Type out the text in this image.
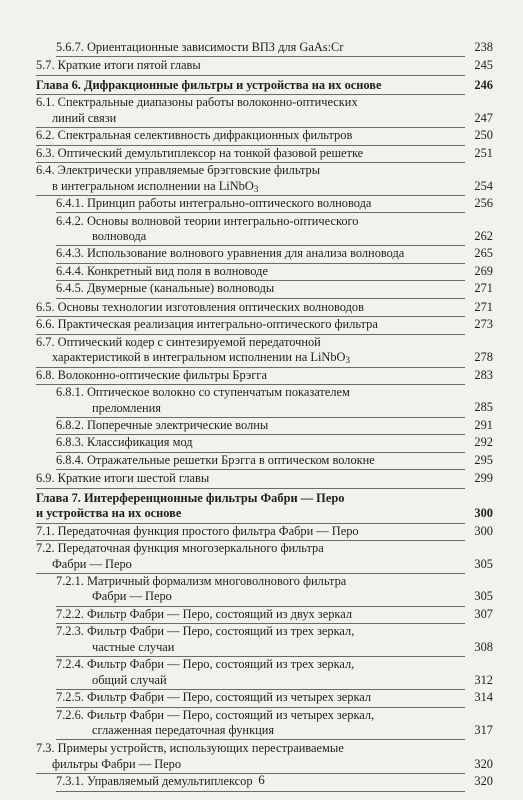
5.6.7. Ориентационные зависимости ВПЗ для GaAs:Cr	238
5.7. Краткие итоги пятой главы	245
Глава 6. Дифракционные фильтры и устройства на их основе	246
6.1. Спектральные диапазоны работы волоконно-оптических
линий связи	247
6.2. Спектральная селективность дифракционных фильтров	250
6.3. Оптический демультиплексор на тонкой фазовой решетке	251
6.4. Электрически управляемые брэгговские фильтры
в интегральном исполнении на LiNbO$_3$	254
6.4.1. Принцип работы интегрально-оптического волновода	256
6.4.2. Основы волновой теории интегрально-оптического
волновода	262
6.4.3. Использование волнового уравнения для анализа волновода	265
6.4.4. Конкретный вид поля в волноводе	269
6.4.5. Двумерные (канальные) волноводы	271
6.5. Основы технологии изготовления оптических волноводов	271
6.6. Практическая реализация интегрально-оптического фильтра	273
6.7. Оптический кодер с синтезируемой передаточной
характеристикой в интегральном исполнении на LiNbO$_3$	278
6.8. Волоконно-оптические фильтры Брэгга	283
6.8.1. Оптическое волокно со ступенчатым показателем
преломления	285
6.8.2. Поперечные электрические волны	291
6.8.3. Классификация мод	292
6.8.4. Отражательные решетки Брэгга в оптическом волокне	295
6.9. Краткие итоги шестой главы	299
Глава 7. Интерференционные фильтры Фабри — Перо
и устройства на их основе	300
7.1. Передаточная функция простого фильтра Фабри — Перо	300
7.2. Передаточная функция многозеркального фильтра
Фабри — Перо	305
7.2.1. Матричный формализм многоволнового фильтра
Фабри — Перо	305
7.2.2. Фильтр Фабри — Перо, состоящий из двух зеркал	307
7.2.3. Фильтр Фабри — Перо, состоящий из трех зеркал,
частные случаи	308
7.2.4. Фильтр Фабри — Перо, состоящий из трех зеркал,
общий случай	312
7.2.5. Фильтр Фабри — Перо, состоящий из четырех зеркал	314
7.2.6. Фильтр Фабри — Перо, состоящий из четырех зеркал,
сглаженная передаточная функция	317
7.3. Примеры устройств, использующих перестраиваемые
фильтры Фабри — Перо	320
7.3.1. Управляемый демультиплексор	320
6
